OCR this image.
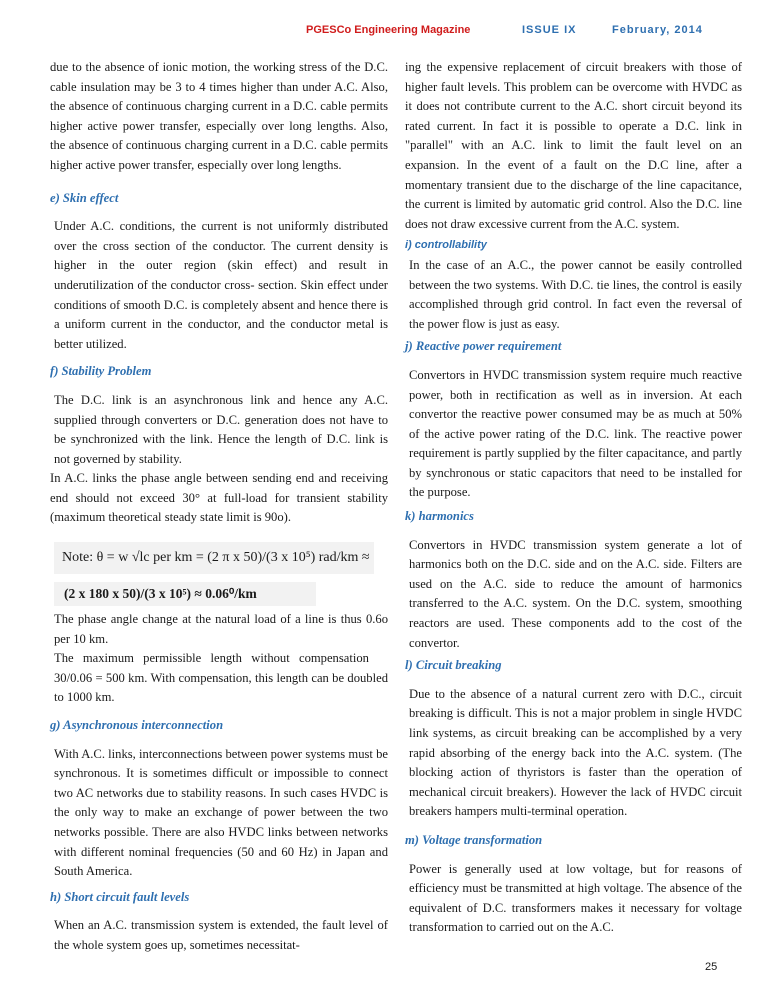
PGESCo Engineering Magazine	ISSUE IX	February, 2014

due to the absence of ionic motion, the working stress of the D.C. cable insulation may be 3 to 4 times higher than under A.C. Also, the absence of continuous charging current in a D.C. cable permits higher active power transfer, especially over long lengths. Also, the absence of continuous charging current in a D.C. cable permits higher active power transfer, especially over long lengths.

e) Skin effect

Under A.C. conditions, the current is not uniformly distributed over the cross section of the conductor. The current density is higher in the outer region (skin effect) and result in underutilization of the conductor cross- section. Skin effect under conditions of smooth D.C. is completely absent and hence there is a uniform current in the conductor, and the conductor metal is better utilized.

f) Stability Problem

The D.C. link is an asynchronous link and hence any A.C. supplied through converters or D.C. generation does not have to be synchronized with the link. Hence the length of D.C. link is not governed by stability.

In A.C. links the phase angle between sending end and receiving end should not exceed 30° at full-load for transient stability (maximum theoretical steady state limit is 90o).

Note: θ = w √lc per km = (2 π x 50)/(3 x 10⁵) rad/km ≈
(2 x 180 x 50)/(3 x 10⁵) ≈ 0.06⁰/km

The phase angle change at the natural load of a line is thus 0.6o per 10 km.

The maximum permissible length without compensation 30/0.06 = 500 km. With compensation, this length can be doubled to 1000 km.

g) Asynchronous interconnection

With A.C. links, interconnections between power systems must be synchronous. It is sometimes difficult or impossible to connect two AC networks due to stability reasons. In such cases HVDC is the only way to make an exchange of power between the two networks possible. There are also HVDC links between networks with different nominal frequencies (50 and 60 Hz) in Japan and South America.

h) Short circuit fault levels

When an A.C. transmission system is extended, the fault level of the whole system goes up, sometimes necessitat-

ing the expensive replacement of circuit breakers with those of higher fault levels. This problem can be overcome with HVDC as it does not contribute current to the A.C. short circuit beyond its rated current. In fact it is possible to operate a D.C. link in "parallel" with an A.C. link to limit the fault level on an expansion. In the event of a fault on the D.C line, after a momentary transient due to the discharge of the line capacitance, the current is limited by automatic grid control. Also the D.C. line does not draw excessive current from the A.C. system.

i) controllability

In the case of an A.C., the power cannot be easily controlled between the two systems. With D.C. tie lines, the control is easily accomplished through grid control. In fact even the reversal of the power flow is just as easy.

j) Reactive power requirement

Convertors in HVDC transmission system require much reactive power, both in rectification as well as in inversion. At each convertor the reactive power consumed may be as much at 50% of the active power rating of the D.C. link. The reactive power requirement is partly supplied by the filter capacitance, and partly by synchronous or static capacitors that need to be installed for the purpose.

k) harmonics

Convertors in HVDC transmission system generate a lot of harmonics both on the D.C. side and on the A.C. side. Filters are used on the A.C. side to reduce the amount of harmonics transferred to the A.C. system. On the D.C. system, smoothing reactors are used. These components add to the cost of the convertor.

l) Circuit breaking

Due to the absence of a natural current zero with D.C., circuit breaking is difficult. This is not a major problem in single HVDC link systems, as circuit breaking can be accomplished by a very rapid absorbing of the energy back into the A.C. system. (The blocking action of thyristors is faster than the operation of mechanical circuit breakers). However the lack of HVDC circuit breakers hampers multi-terminal operation.

m) Voltage transformation

Power is generally used at low voltage, but for reasons of efficiency must be transmitted at high voltage. The absence of the equivalent of D.C. transformers makes it necessary for voltage transformation to carried out on the A.C.

25
